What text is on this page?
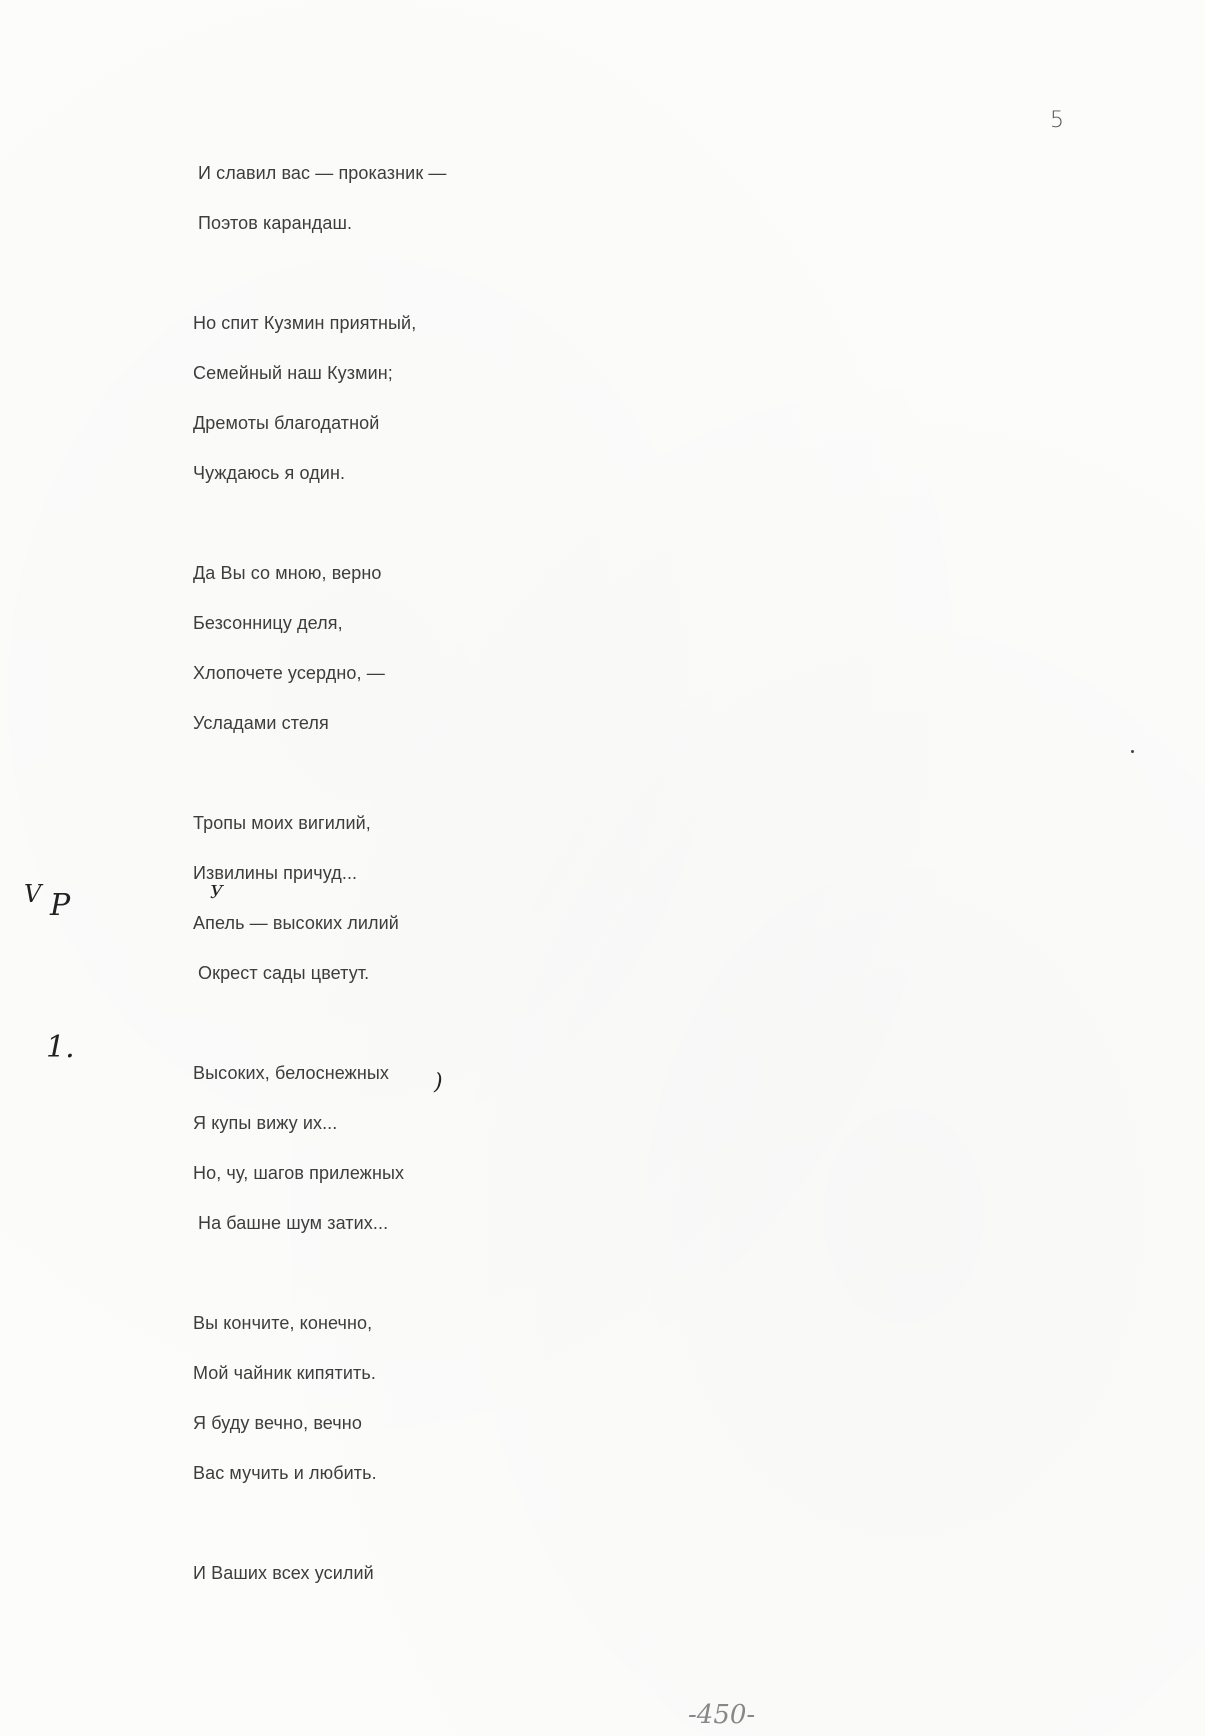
5
И славил вас — проказник —
Поэтов карандаш.
Но спит Кузмин приятный,
Семейный наш Кузмин;
Дремоты благодатной
Чуждаюсь я один.
Да Вы со мною, верно
Безсонницу деля,
Хлопочете усердно, —
Усладами стеля
Тропы моих вигилий,
Извилины причуд...
Апель — высоких лилий
Окрест сады цветут.
Высоких, белоснежных
Я купы вижу их...
Но, чу, шагов прилежных
На башне шум затих...
Вы кончите, конечно,
Мой чайник кипятить.
Я буду вечно, вечно
Вас мучить и любить.
И Ваших всех усилий
V P	У
1.
)
-450-
